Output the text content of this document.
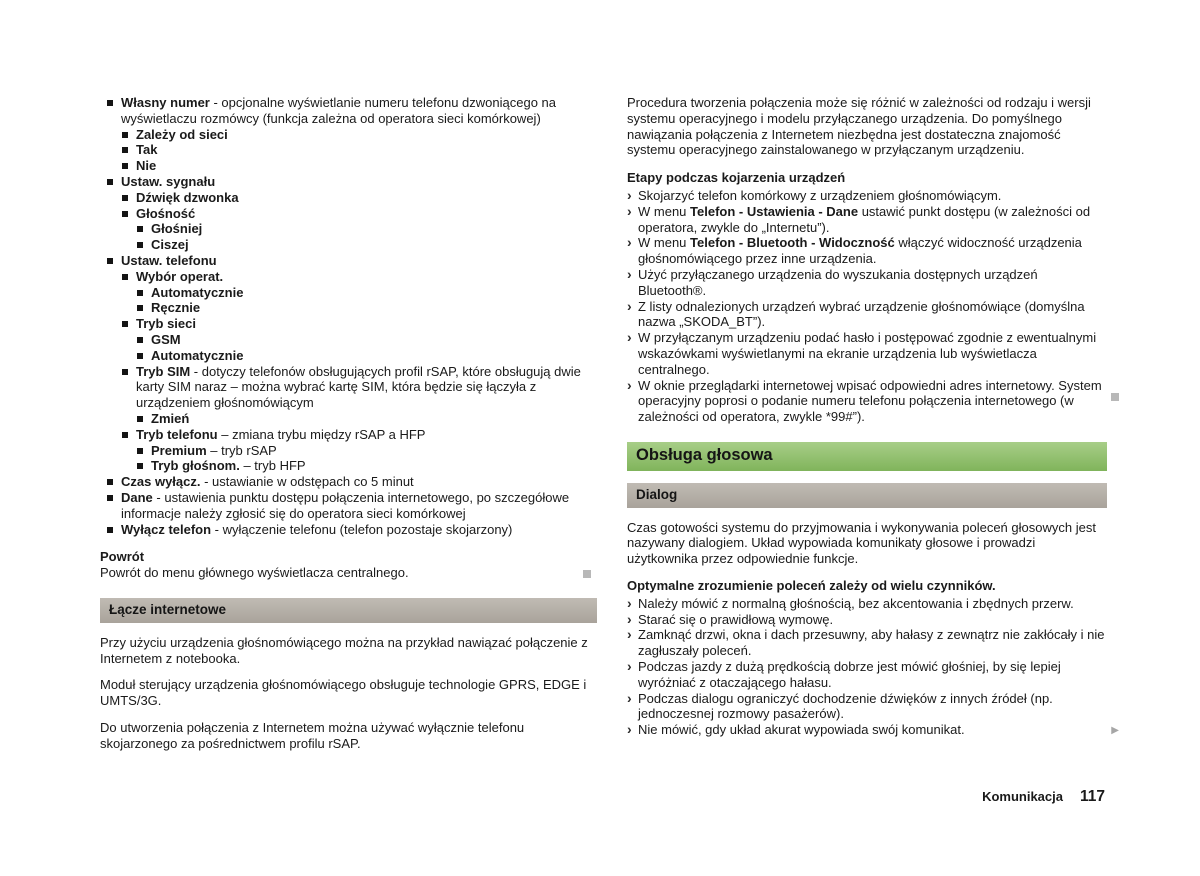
Własny numer - opcjonalne wyświetlanie numeru telefonu dzwoniącego na wyświetlaczu rozmówcy (funkcja zależna od operatora sieci komórkowej)
Zależy od sieci
Tak
Nie
Ustaw. sygnału
Dźwięk dzwonka
Głośność
Głośniej
Ciszej
Ustaw. telefonu
Wybór operat.
Automatycznie
Ręcznie
Tryb sieci
GSM
Automatycznie
Tryb SIM - dotyczy telefonów obsługujących profil rSAP, które obsługują dwie karty SIM naraz – można wybrać kartę SIM, która będzie się łączyła z urządzeniem głośnomówiącym
Zmień
Tryb telefonu – zmiana trybu między rSAP a HFP
Premium – tryb rSAP
Tryb głośnom. – tryb HFP
Czas wyłącz. - ustawianie w odstępach co 5 minut
Dane - ustawienia punktu dostępu połączenia internetowego, po szczegółowe informacje należy zgłosić się do operatora sieci komórkowej
Wyłącz telefon - wyłączenie telefonu (telefon pozostaje skojarzony)
Powrót
Powrót do menu głównego wyświetlacza centralnego.
Łącze internetowe

Przy użyciu urządzenia głośnomówiącego można na przykład nawiązać połączenie z Internetem z notebooka.

Moduł sterujący urządzenia głośnomówiącego obsługuje technologie GPRS, EDGE i UMTS/3G.

Do utworzenia połączenia z Internetem można używać wyłącznie telefonu skojarzonego za pośrednictwem profilu rSAP.

Procedura tworzenia połączenia może się różnić w zależności od rodzaju i wersji systemu operacyjnego i modelu przyłączanego urządzenia. Do pomyślnego nawiązania połączenia z Internetem niezbędna jest dostateczna znajomość systemu operacyjnego zainstalowanego w przyłączanym urządzeniu.

Etapy podczas kojarzenia urządzeń
› Skojarzyć telefon komórkowy z urządzeniem głośnomówiącym.
› W menu Telefon - Ustawienia - Dane ustawić punkt dostępu (w zależności od operatora, zwykle do „Internetu”).
› W menu Telefon - Bluetooth - Widoczność włączyć widoczność urządzenia głośnomówiącego przez inne urządzenia.
› Użyć przyłączanego urządzenia do wyszukania dostępnych urządzeń Bluetooth®.
› Z listy odnalezionych urządzeń wybrać urządzenie głośnomówiące (domyślna nazwa „SKODA_BT”).
› W przyłączanym urządzeniu podać hasło i postępować zgodnie z ewentualnymi wskazówkami wyświetlanymi na ekranie urządzenia lub wyświetlacza centralnego.
› W oknie przeglądarki internetowej wpisać odpowiedni adres internetowy. System operacyjny poprosi o podanie numeru telefonu połączenia internetowego (w zależności od operatora, zwykle *99#”).
Obsługa głosowa
Dialog

Czas gotowości systemu do przyjmowania i wykonywania poleceń głosowych jest nazywany dialogiem. Układ wypowiada komunikaty głosowe i prowadzi użytkownika przez odpowiednie funkcje.

Optymalne zrozumienie poleceń zależy od wielu czynników.
› Należy mówić z normalną głośnością, bez akcentowania i zbędnych przerw.
› Starać się o prawidłową wymowę.
› Zamknąć drzwi, okna i dach przesuwny, aby hałasy z zewnątrz nie zakłócały i nie zagłuszały poleceń.
› Podczas jazdy z dużą prędkością dobrze jest mówić głośniej, by się lepiej wyróżniać z otaczającego hałasu.
› Podczas dialogu ograniczyć dochodzenie dźwięków z innych źródeł (np. jednoczesnej rozmowy pasażerów).
› Nie mówić, gdy układ akurat wypowiada swój komunikat.	▶
Komunikacja 117
